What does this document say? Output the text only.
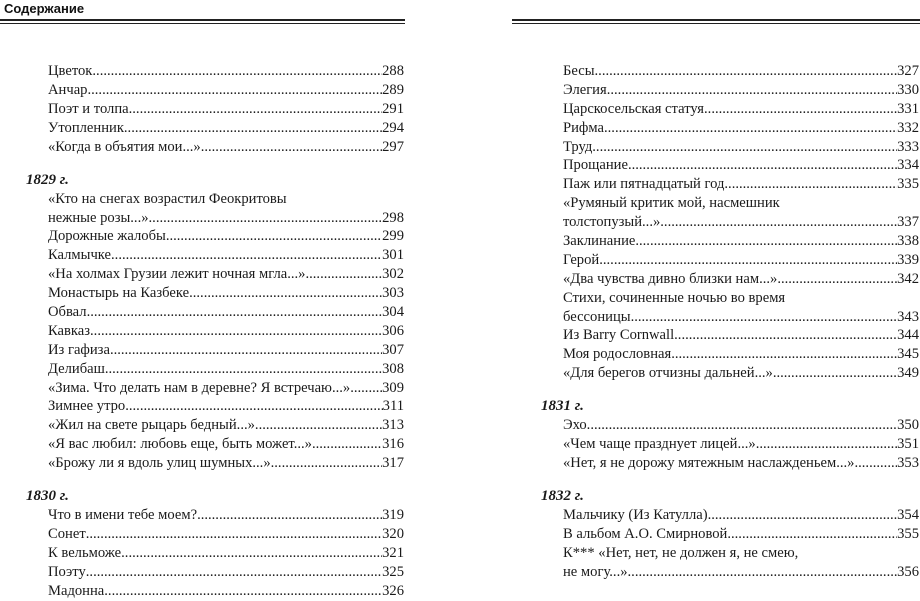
Содержание
Цветок .....	288
Анчар .....	289
Поэт и толпа .....	291
Утопленник .....	294
«Когда в объятия мои...» .....	297
1829 г.
«Кто на снегах возрастил Феокритовы
нежные розы...» .....	298
Дорожные жалобы .....	299
Калмычке .....	301
«На холмах Грузии лежит ночная мгла...» .....	302
Монастырь на Казбеке .....	303
Обвал .....	304
Кавказ .....	306
Из гафиза .....	307
Делибаш .....	308
«Зима. Что делать нам в деревне? Я встречаю...» ..... 309
Зимнее утро .....	311
«Жил на свете рыцарь бедный...» .....	313
«Я вас любил: любовь еще, быть может...» .....	316
«Брожу ли я вдоль улиц шумных...» .....	317
1830 г.
Что в имени тебе моем? .....	319
Сонет .....	320
К вельможе .....	321
Поэту .....	325
Мадонна .....	326
Бесы .....	327
Элегия .....	330
Царскосельская статуя .....	331
Рифма .....	332
Труд .....	333
Прощание .....	334
Паж или пятнадцатый год .....	335
«Румяный критик мой, насмешник
толстопузый...» .....	337
Заклинание .....	338
Герой .....	339
«Два чувства дивно близки нам...» .....	342
Стихи, сочиненные ночью во время
бессоницы .....	343
Из Barry Cornwall .....	344
Моя родословная .....	345
«Для берегов отчизны дальней...» .....	349
1831 г.
Эхо .....	350
«Чем чаще празднует лицей...» .....	351
«Нет, я не дорожу мятежным наслажденьем...» .....	353
1832 г.
Мальчику (Из Катулла) .....	354
В альбом А.О. Смирновой .....	355
К*** «Нет, нет, не должен я, не смею,
не могу...» .....	356
